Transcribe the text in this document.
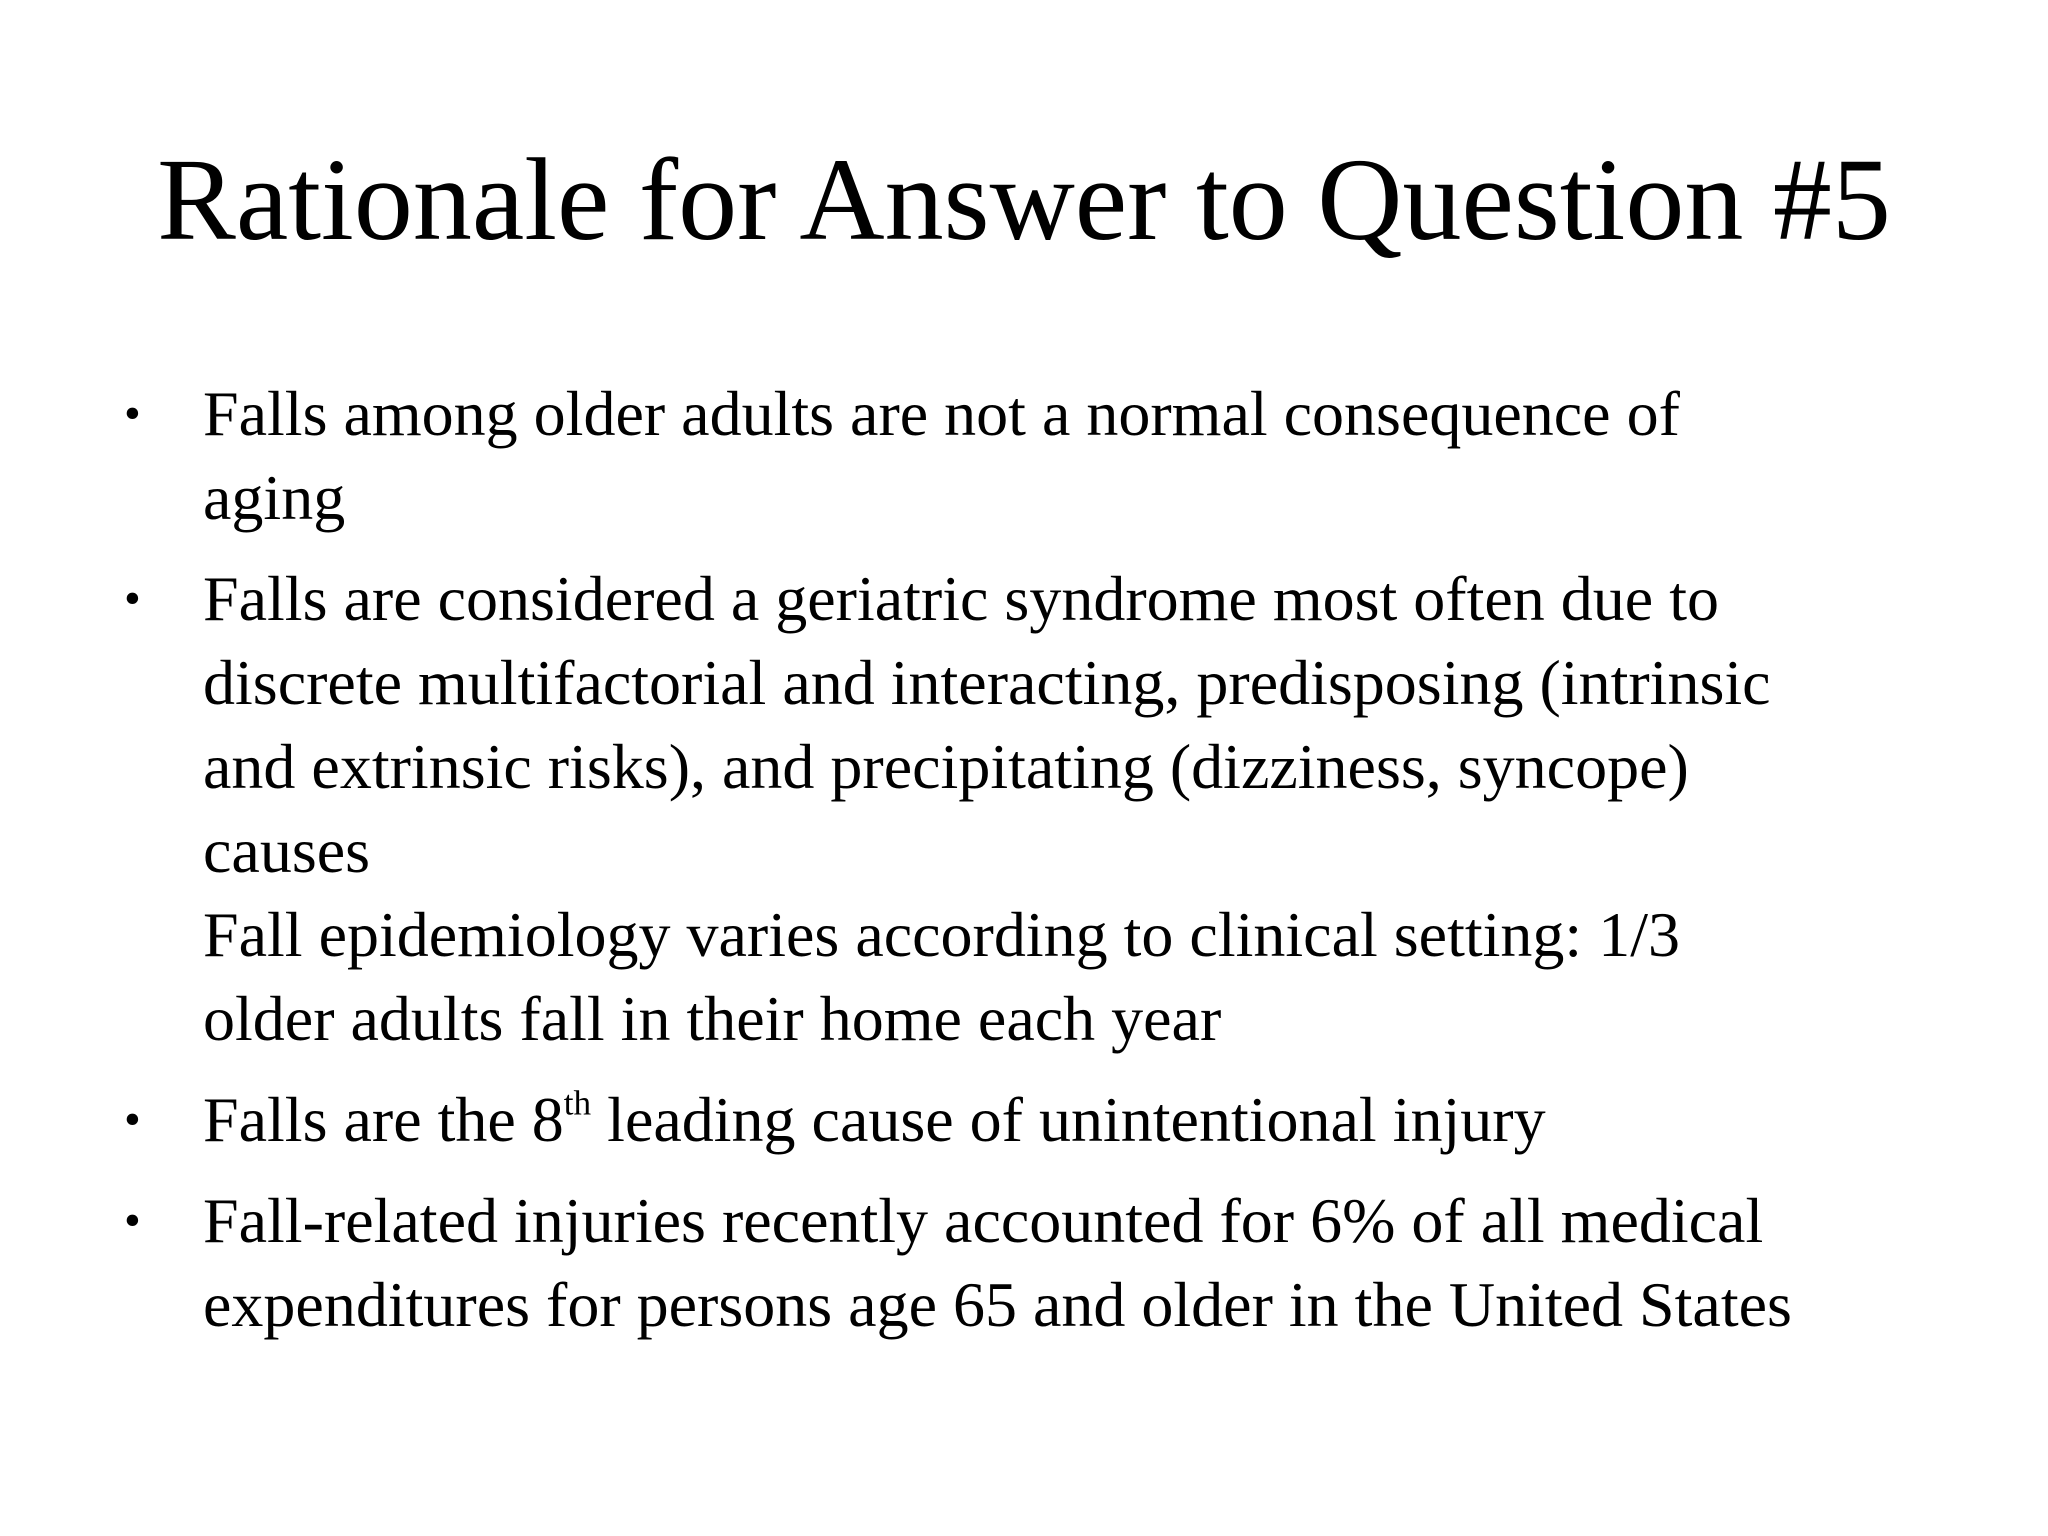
Rationale for Answer to Question #5
• Falls among older adults are not a normal consequence of
aging
• Falls are considered a geriatric syndrome most often due to
discrete multifactorial and interacting, predisposing (intrinsic
and extrinsic risks), and precipitating (dizziness, syncope)
causes
Fall epidemiology varies according to clinical setting: 1/3
older adults fall in their home each year
• Falls are the 8th leading cause of unintentional injury
• Fall-related injuries recently accounted for 6% of all medical
expenditures for persons age 65 and older in the United States
